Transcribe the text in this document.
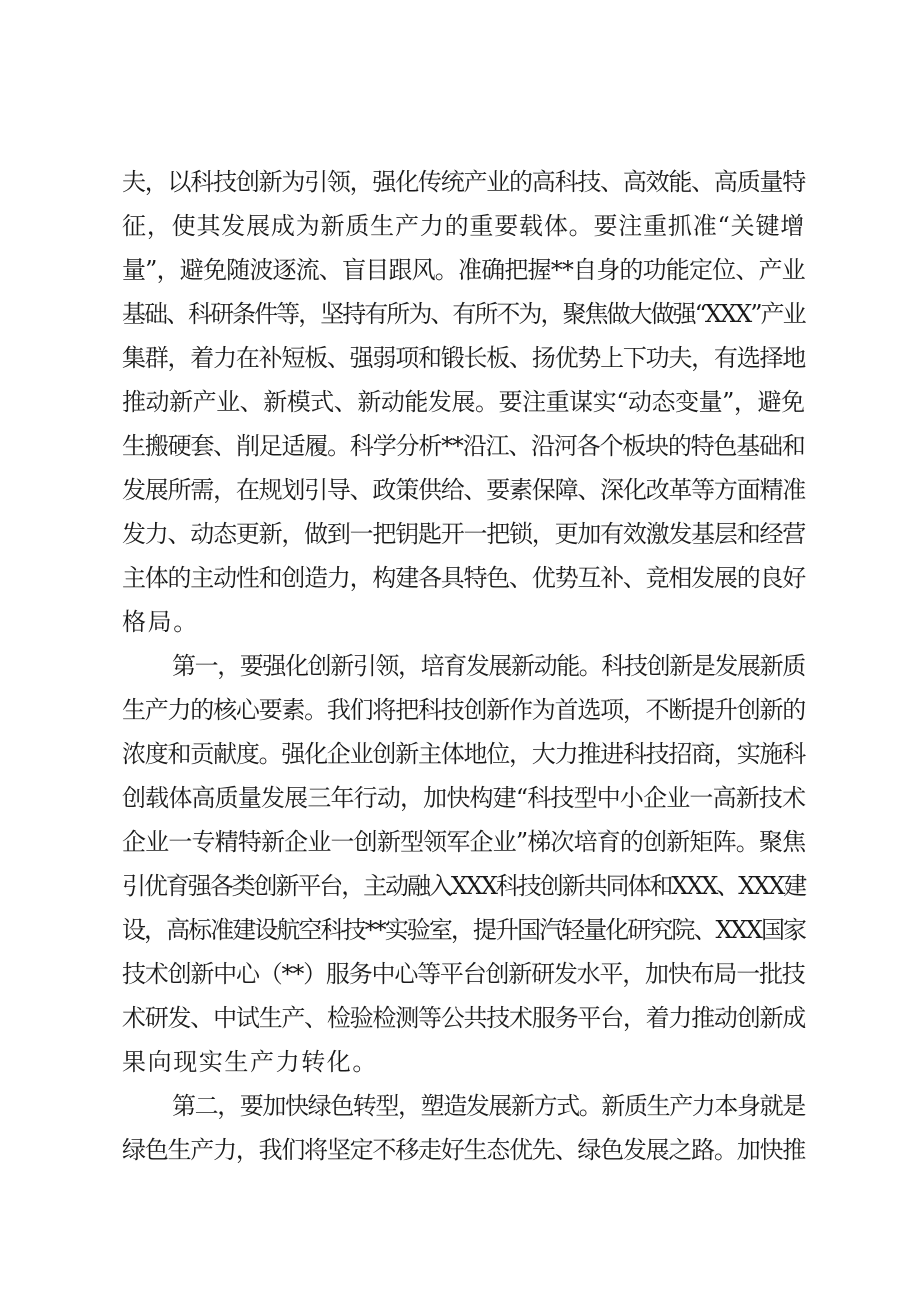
夫，以科技创新为引领，强化传统产业的高科技、高效能、高质量特
征，使其发展成为新质生产力的重要载体。要注重抓准“关键增
量”，避免随波逐流、盲目跟风。准确把握**自身的功能定位、产业
基础、科研条件等，坚持有所为、有所不为，聚焦做大做强“XXX”产业
集群，着力在补短板、强弱项和锻长板、扬优势上下功夫，有选择地
推动新产业、新模式、新动能发展。要注重谋实“动态变量”，避免
生搬硬套、削足适履。科学分析**沿江、沿河各个板块的特色基础和
发展所需，在规划引导、政策供给、要素保障、深化改革等方面精准
发力、动态更新，做到一把钥匙开一把锁，更加有效激发基层和经营
主体的主动性和创造力，构建各具特色、优势互补、竞相发展的良好
格局。
第一，要强化创新引领，培育发展新动能。科技创新是发展新质
生产力的核心要素。我们将把科技创新作为首选项，不断提升创新的
浓度和贡献度。强化企业创新主体地位，大力推进科技招商，实施科
创载体高质量发展三年行动，加快构建“科技型中小企业一高新技术
企业一专精特新企业一创新型领军企业”梯次培育的创新矩阵。聚焦
引优育强各类创新平台，主动融入XXX科技创新共同体和XXX、XXX建
设，高标准建设航空科技**实验室，提升国汽轻量化研究院、XXX国家
技术创新中心（**）服务中心等平台创新研发水平，加快布局一批技
术研发、中试生产、检验检测等公共技术服务平台，着力推动创新成
果向现实生产力转化。
第二，要加快绿色转型，塑造发展新方式。新质生产力本身就是
绿色生产力，我们将坚定不移走好生态优先、绿色发展之路。加快推
